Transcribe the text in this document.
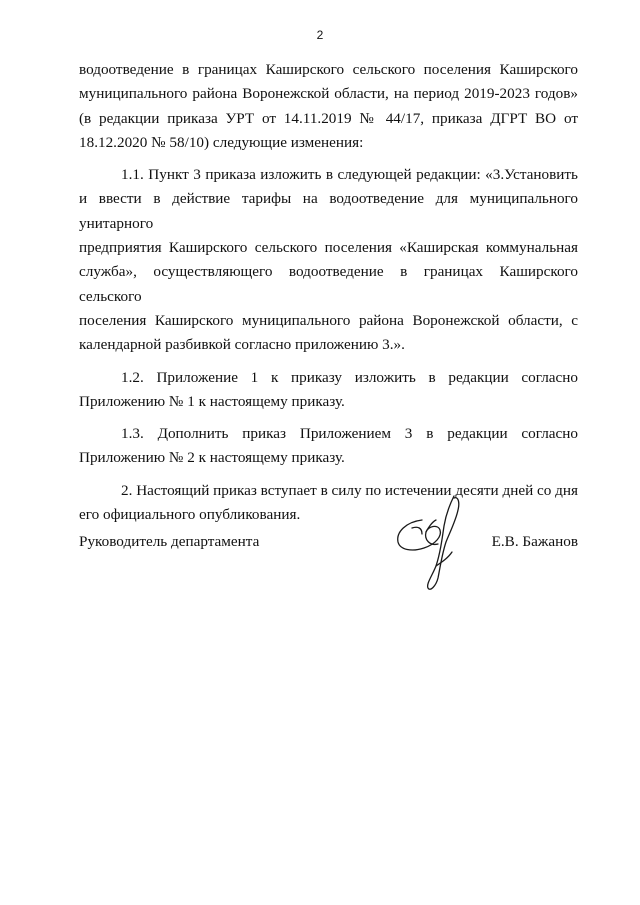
2

водоотведение в границах Каширского сельского поселения Каширского
муниципального района Воронежской области, на период 2019-2023 годов»
(в редакции приказа УРТ от 14.11.2019 № 44/17, приказа ДГРТ ВО от
18.12.2020 № 58/10) следующие изменения:

1.1. Пункт 3 приказа изложить в следующей редакции: «3.Установить
и ввести в действие тарифы на водоотведение для муниципального унитарного
предприятия Каширского сельского поселения «Каширская коммунальная
служба», осуществляющего водоотведение в границах Каширского сельского
поселения Каширского муниципального района Воронежской области, с
календарной разбивкой согласно приложению 3.».

1.2. Приложение 1 к приказу изложить в редакции согласно
Приложению № 1 к настоящему приказу.

1.3. Дополнить приказ Приложением 3 в редакции согласно
Приложению № 2 к настоящему приказу.

2. Настоящий приказ вступает в силу по истечении десяти дней со дня
его официального опубликования.

Руководитель департамента	Е.В. Бажанов
